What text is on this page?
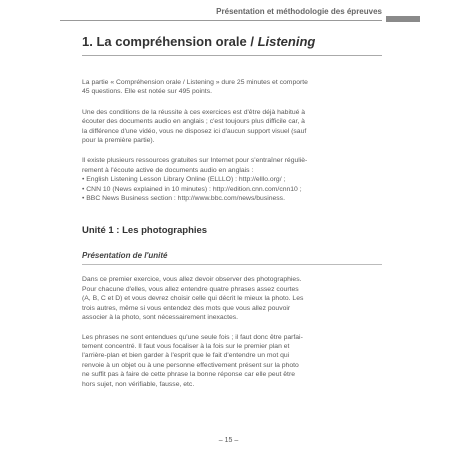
Présentation et méthodologie des épreuves
1. La compréhension orale / Listening

La partie « Compréhension orale / Listening » dure 25 minutes et comporte
45 questions. Elle est notée sur 495 points.

Une des conditions de la réussite à ces exercices est d'être déjà habitué à
écouter des documents audio en anglais ; c'est toujours plus difficile car, à
la différence d'une vidéo, vous ne disposez ici d'aucun support visuel (sauf
pour la première partie).

Il existe plusieurs ressources gratuites sur Internet pour s'entraîner réguliè-
rement à l'écoute active de documents audio en anglais :
• English Listening Lesson Library Online (ELLLO) : http://elllo.org/ ;
• CNN 10 (News explained in 10 minutes) : http://edition.cnn.com/cnn10 ;
• BBC News Business section : http://www.bbc.com/news/business.

Unité 1 : Les photographies
Présentation de l'unité

Dans ce premier exercice, vous allez devoir observer des photographies.
Pour chacune d'elles, vous allez entendre quatre phrases assez courtes
(A, B, C et D) et vous devrez choisir celle qui décrit le mieux la photo. Les
trois autres, même si vous entendez des mots que vous allez pouvoir
associer à la photo, sont nécessairement inexactes.

Les phrases ne sont entendues qu'une seule fois ; il faut donc être parfai-
tement concentré. Il faut vous focaliser à la fois sur le premier plan et
l'arrière-plan et bien garder à l'esprit que le fait d'entendre un mot qui
renvoie à un objet ou à une personne effectivement présent sur la photo
ne suffit pas à faire de cette phrase la bonne réponse car elle peut être
hors sujet, non vérifiable, fausse, etc.

– 15 –
